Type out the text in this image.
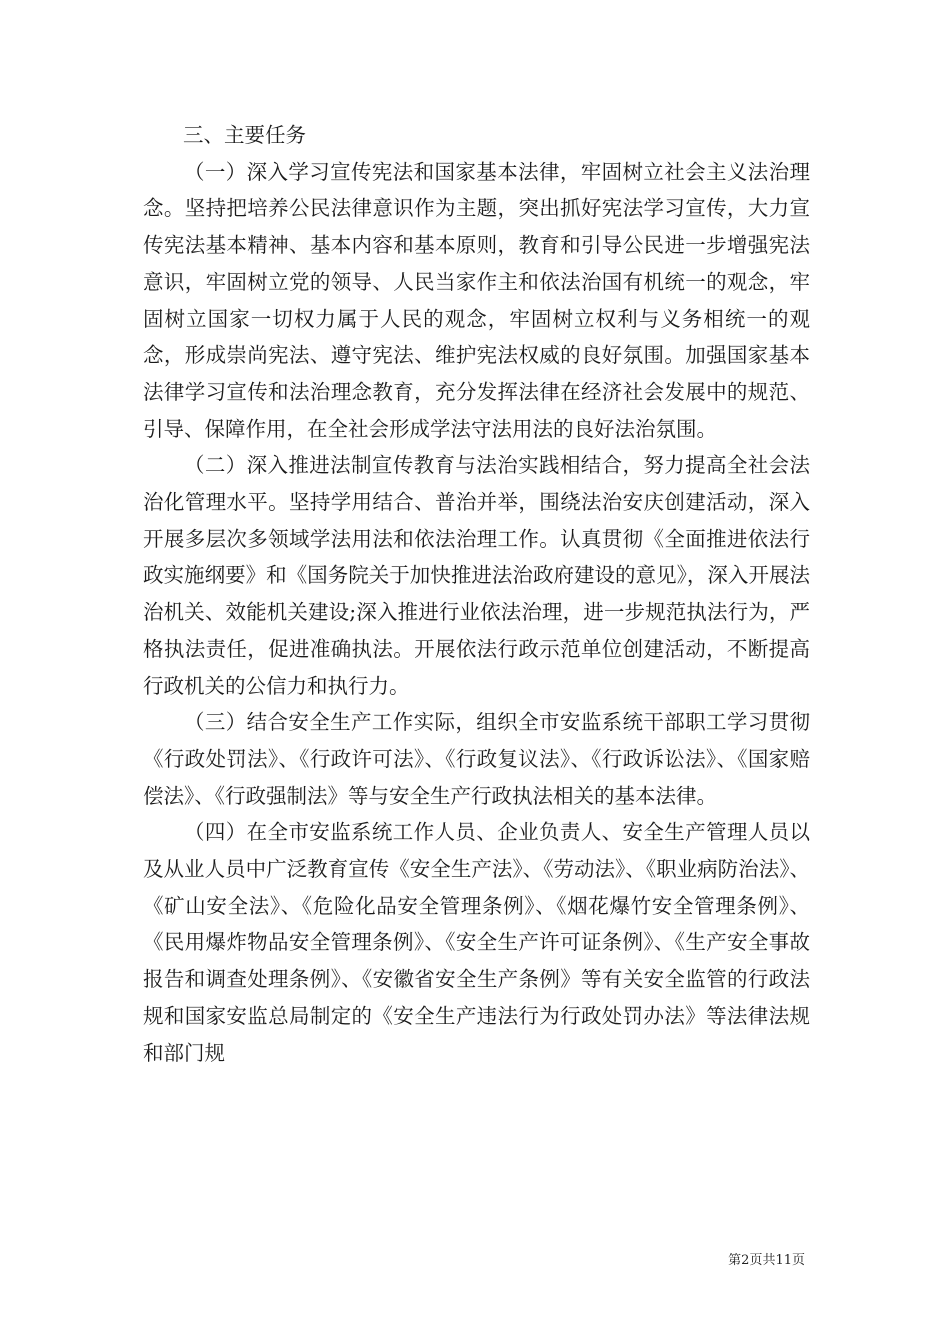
三、主要任务

（一）深入学习宣传宪法和国家基本法律，牢固树立社会主义法治理念。坚持把培养公民法律意识作为主题，突出抓好宪法学习宣传，大力宣传宪法基本精神、基本内容和基本原则，教育和引导公民进一步增强宪法意识，牢固树立党的领导、人民当家作主和依法治国有机统一的观念，牢固树立国家一切权力属于人民的观念，牢固树立权利与义务相统一的观念，形成崇尚宪法、遵守宪法、维护宪法权威的良好氛围。加强国家基本法律学习宣传和法治理念教育，充分发挥法律在经济社会发展中的规范、引导、保障作用，在全社会形成学法守法用法的良好法治氛围。

（二）深入推进法制宣传教育与法治实践相结合，努力提高全社会法治化管理水平。坚持学用结合、普治并举，围绕法治安庆创建活动，深入开展多层次多领域学法用法和依法治理工作。认真贯彻《全面推进依法行政实施纲要》和《国务院关于加快推进法治政府建设的意见》，深入开展法治机关、效能机关建设;深入推进行业依法治理，进一步规范执法行为，严格执法责任，促进准确执法。开展依法行政示范单位创建活动，不断提高行政机关的公信力和执行力。

（三）结合安全生产工作实际，组织全市安监系统干部职工学习贯彻《行政处罚法》、《行政许可法》、《行政复议法》、《行政诉讼法》、《国家赔偿法》、《行政强制法》等与安全生产行政执法相关的基本法律。

（四）在全市安监系统工作人员、企业负责人、安全生产管理人员以及从业人员中广泛教育宣传《安全生产法》、《劳动法》、《职业病防治法》、《矿山安全法》、《危险化品安全管理条例》、《烟花爆竹安全管理条例》、《民用爆炸物品安全管理条例》、《安全生产许可证条例》、《生产安全事故报告和调查处理条例》、《安徽省安全生产条例》等有关安全监管的行政法规和国家安监总局制定的《安全生产违法行为行政处罚办法》等法律法规和部门规

第2页共11页
